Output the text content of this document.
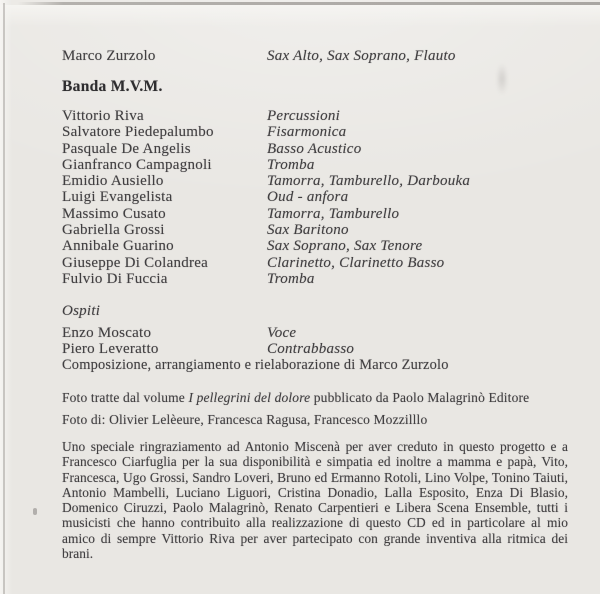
Marco Zurzolo	Sax Alto, Sax Soprano, Flauto
Banda M.V.M.
Vittorio Riva	Percussioni
Salvatore Piedepalumbo	Fisarmonica
Pasquale De Angelis	Basso Acustico
Gianfranco Campagnoli	Tromba
Emidio Ausiello	Tamorra, Tamburello, Darbouka
Luigi Evangelista	Oud - anfora
Massimo Cusato	Tamorra, Tamburello
Gabriella Grossi	Sax Baritono
Annibale Guarino	Sax Soprano, Sax Tenore
Giuseppe Di Colandrea	Clarinetto, Clarinetto Basso
Fulvio Di Fuccia	Tromba
Ospiti
Enzo Moscato	Voce
Piero Leveratto	Contrabbasso
Composizione, arrangiamento e rielaborazione di Marco Zurzolo
Foto tratte dal volume I pellegrini del dolore pubblicato da Paolo Malagrinò Editore
Foto di: Olivier Lelèeure, Francesca Ragusa, Francesco Mozzilllo

Uno speciale ringraziamento ad Antonio Miscenà per aver creduto in questo progetto e a Francesco Ciarfuglia per la sua disponibilità e simpatia ed inoltre a mamma e papà, Vito, Francesca, Ugo Grossi, Sandro Loveri, Bruno ed Ermanno Rotoli, Lino Volpe, Tonino Taiuti, Antonio Mambelli, Luciano Liguori, Cristina Donadio, Lalla Esposito, Enza Di Blasio, Domenico Ciruzzi, Paolo Malagrinò, Renato Carpentieri e Libera Scena Ensemble, tutti i musicisti che hanno contribuito alla realizzazione di questo CD ed in particolare al mio amico di sempre Vittorio Riva per aver partecipato con grande inventiva alla ritmica dei brani.
